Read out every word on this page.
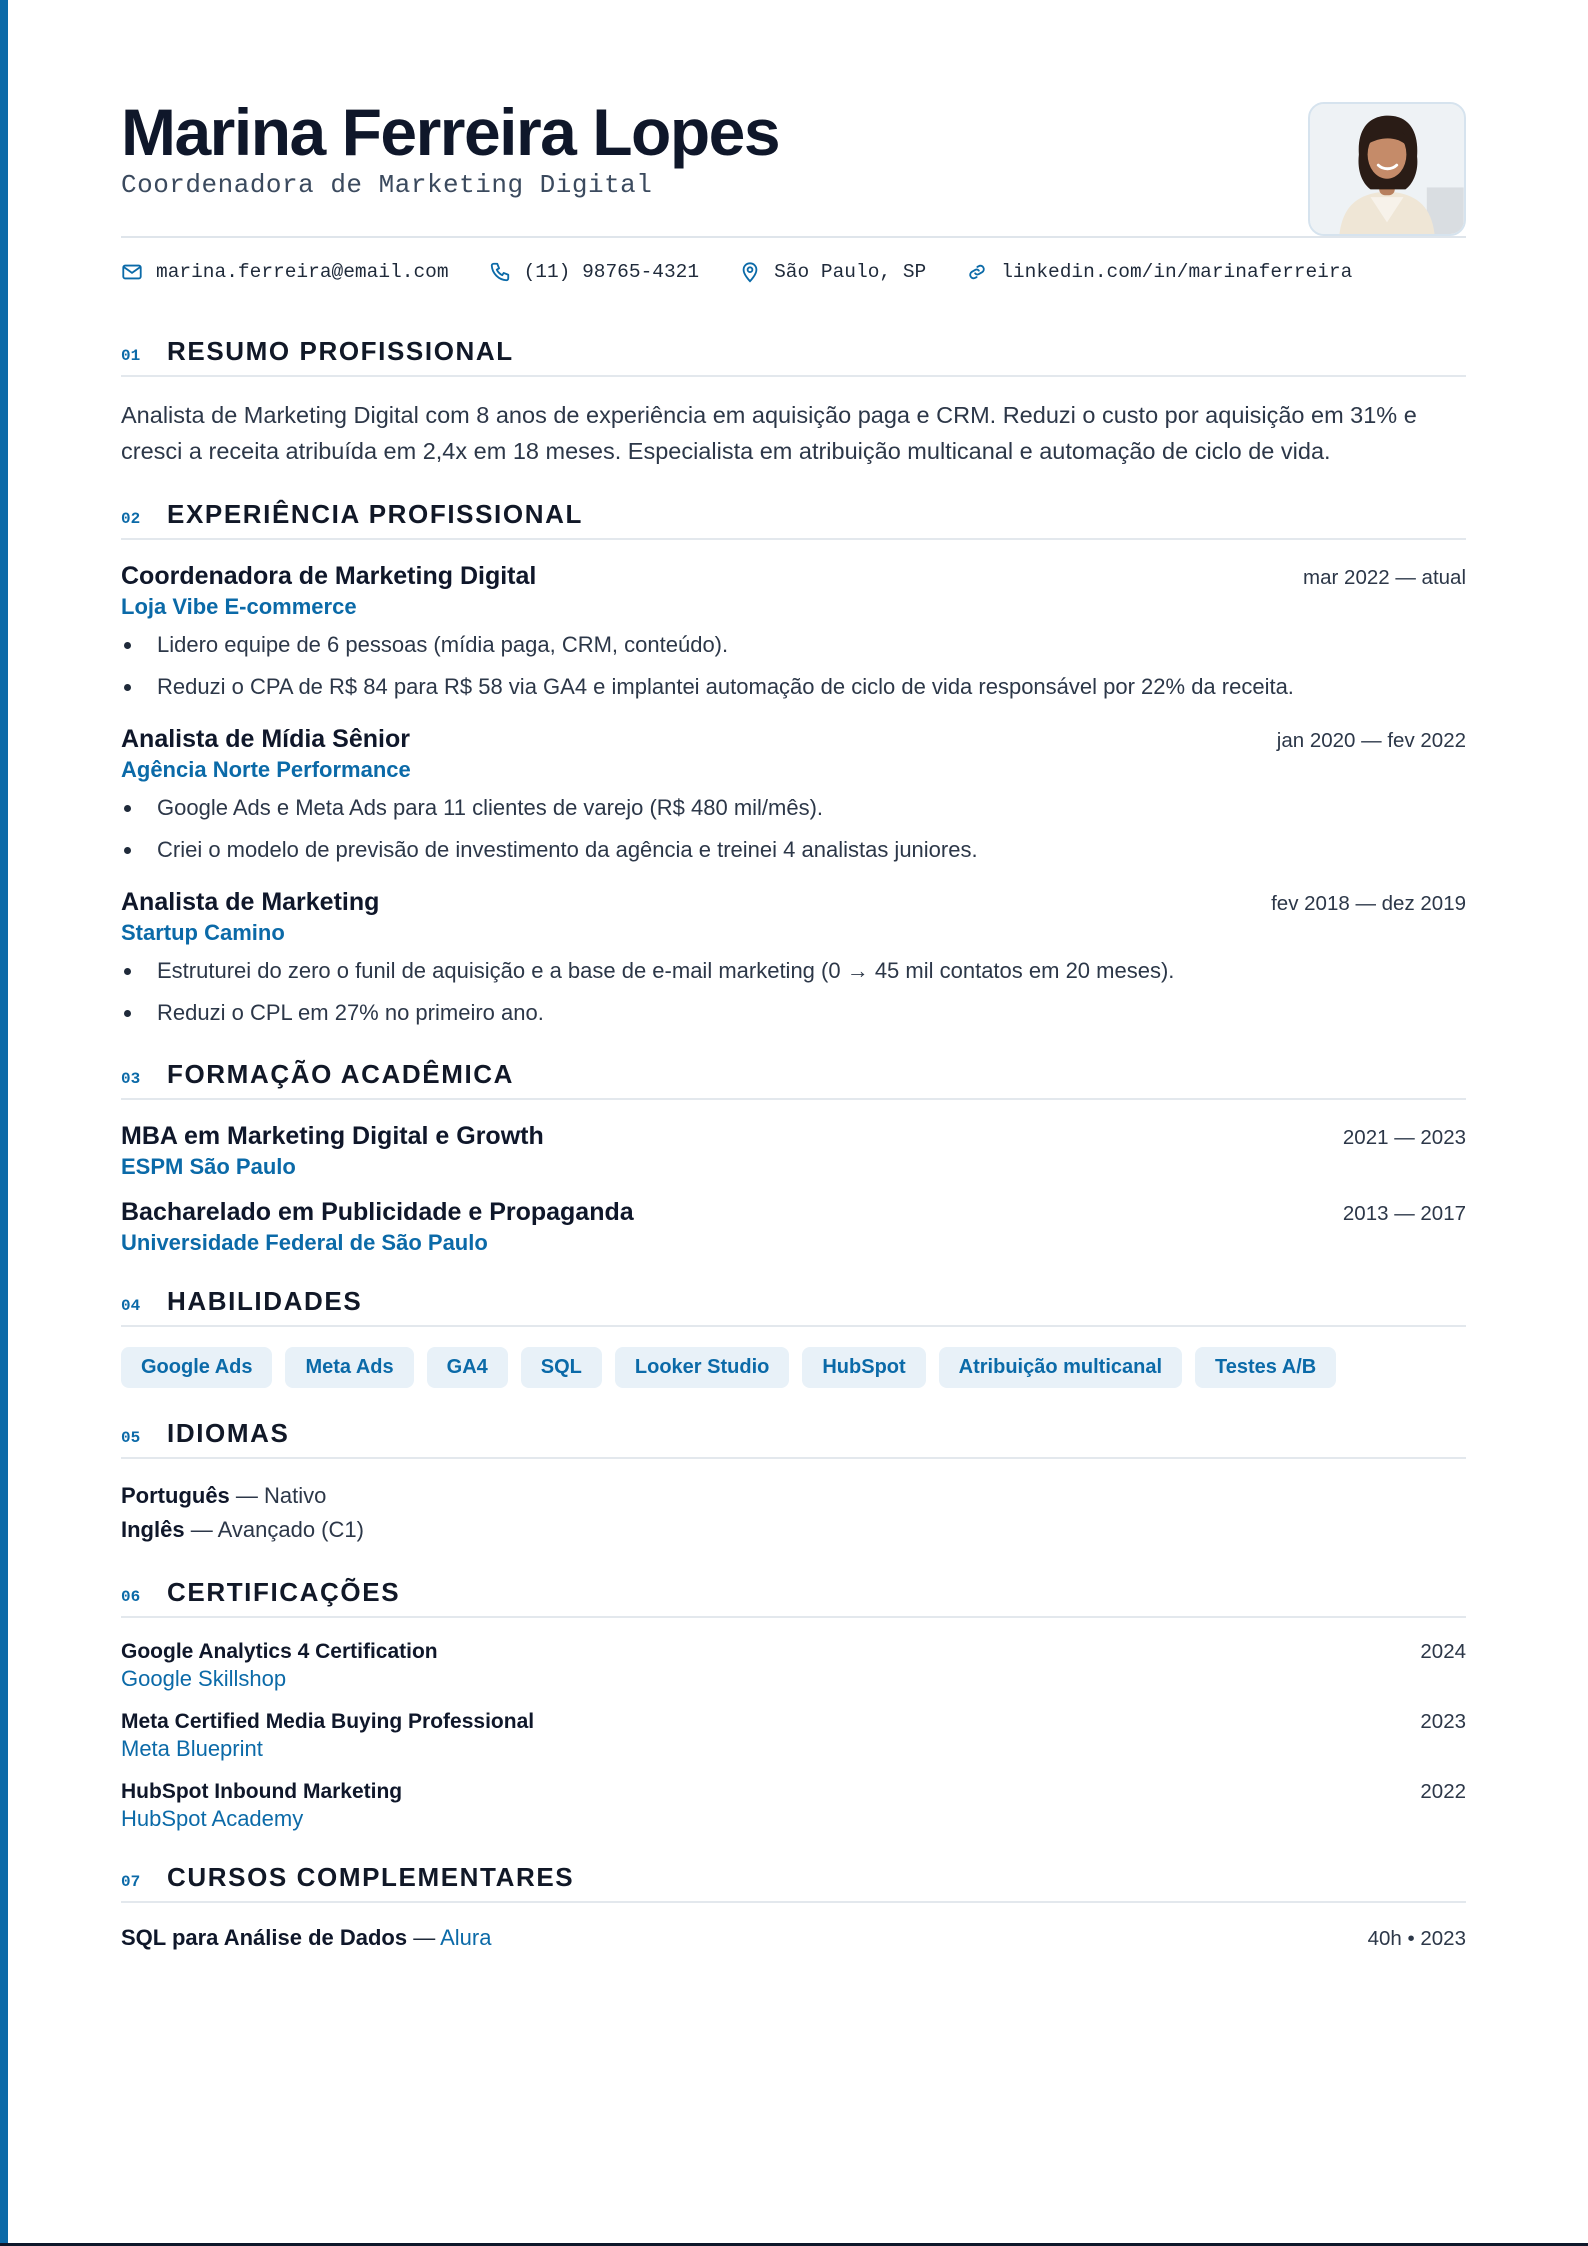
Marina Ferreira Lopes
Coordenadora de Marketing Digital
marina.ferreira@email.com	(11) 98765-4321	São Paulo, SP	linkedin.com/in/marinaferreira
01	RESUMO PROFISSIONAL

Analista de Marketing Digital com 8 anos de experiência em aquisição paga e CRM. Reduzi o custo por aquisição em 31% e cresci a receita atribuída em 2,4x em 18 meses. Especialista em atribuição multicanal e automação de ciclo de vida.

02	EXPERIÊNCIA PROFISSIONAL
Coordenadora de Marketing Digital	mar 2022 — atual
Loja Vibe E-commerce
Lidero equipe de 6 pessoas (mídia paga, CRM, conteúdo).
Reduzi o CPA de R$ 84 para R$ 58 via GA4 e implantei automação de ciclo de vida responsável por 22% da receita.
Analista de Mídia Sênior	jan 2020 — fev 2022
Agência Norte Performance
Google Ads e Meta Ads para 11 clientes de varejo (R$ 480 mil/mês).
Criei o modelo de previsão de investimento da agência e treinei 4 analistas juniores.
Analista de Marketing	fev 2018 — dez 2019
Startup Camino
Estruturei do zero o funil de aquisição e a base de e-mail marketing (0 → 45 mil contatos em 20 meses).
Reduzi o CPL em 27% no primeiro ano.
03	FORMAÇÃO ACADÊMICA
MBA em Marketing Digital e Growth	2021 — 2023
ESPM São Paulo
Bacharelado em Publicidade e Propaganda	2013 — 2017
Universidade Federal de São Paulo
04	HABILIDADES
Google Ads	Meta Ads	GA4	SQL	Looker Studio	HubSpot	Atribuição multicanal	Testes A/B
05	IDIOMAS
Português — Nativo
Inglês — Avançado (C1)
06	CERTIFICAÇÕES
Google Analytics 4 Certification	2024
Google Skillshop
Meta Certified Media Buying Professional	2023
Meta Blueprint
HubSpot Inbound Marketing	2022
HubSpot Academy
07	CURSOS COMPLEMENTARES
SQL para Análise de Dados — Alura	40h • 2023
